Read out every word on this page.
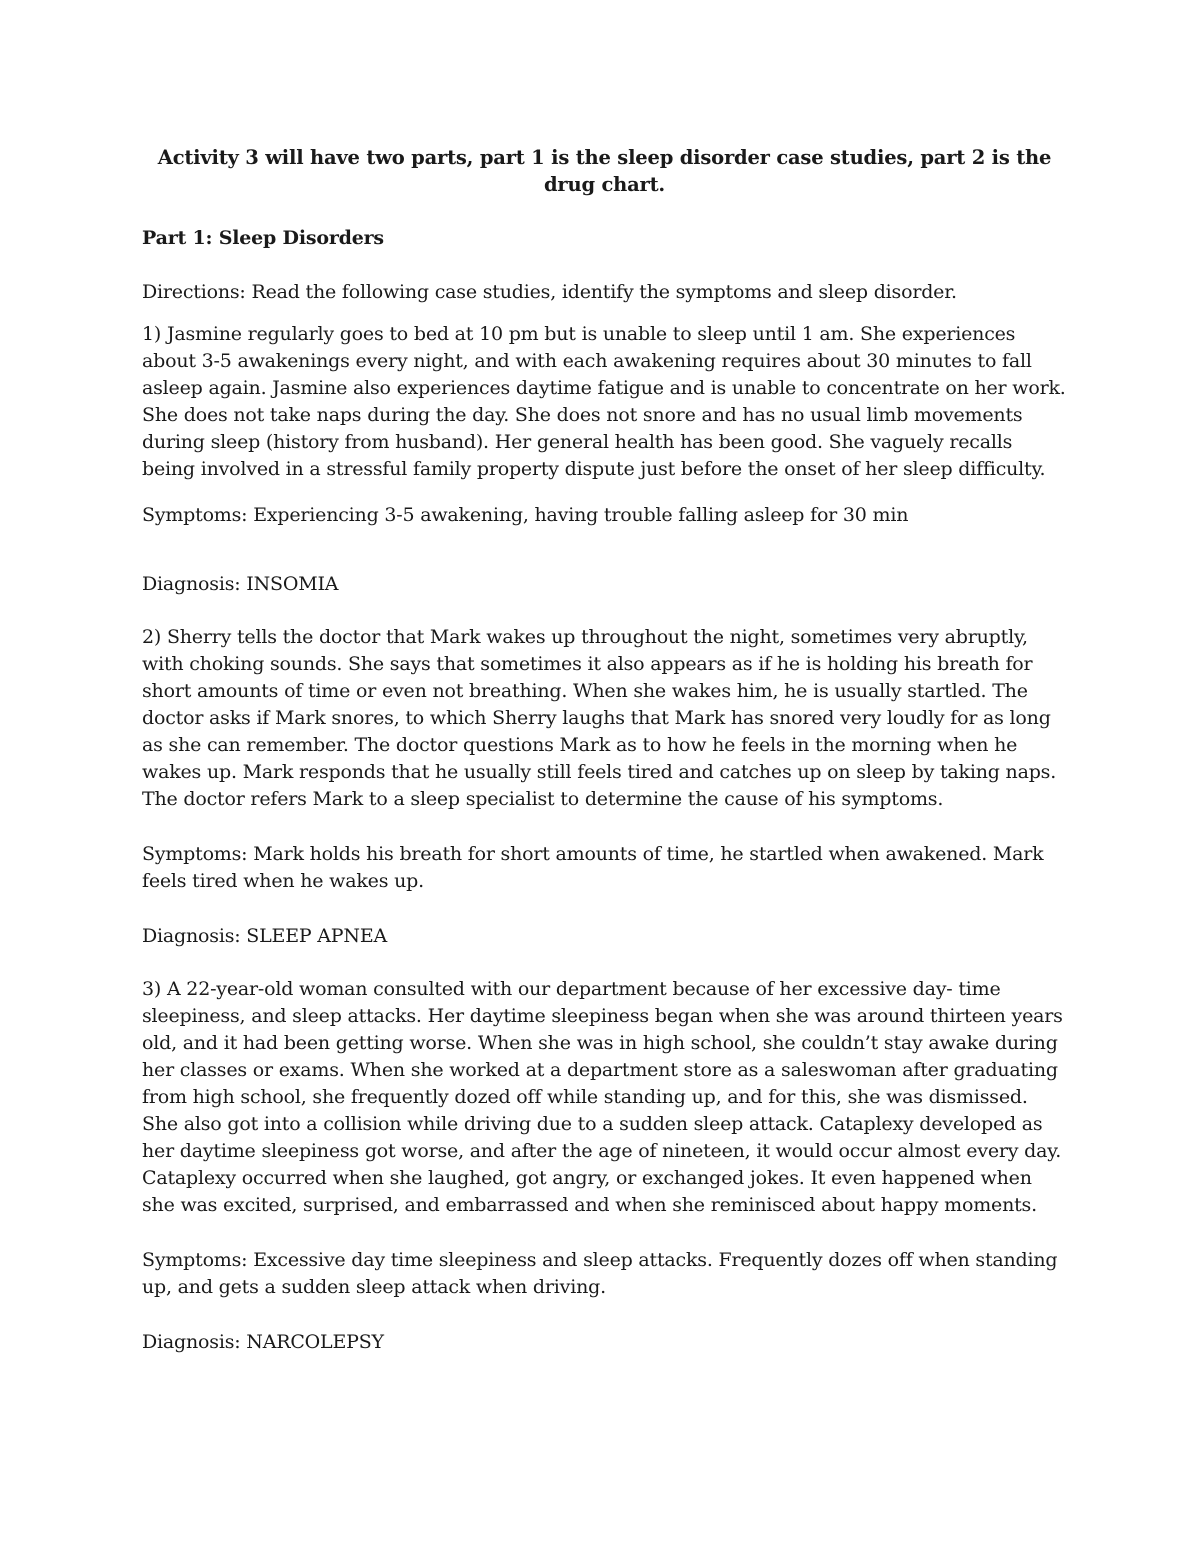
Activity 3 will have two parts, part 1 is the sleep disorder case studies, part 2 is the drug chart.

Part 1: Sleep Disorders

Directions: Read the following case studies, identify the symptoms and sleep disorder.

1) Jasmine regularly goes to bed at 10 pm but is unable to sleep until 1 am. She experiences about 3-5 awakenings every night, and with each awakening requires about 30 minutes to fall asleep again. Jasmine also experiences daytime fatigue and is unable to concentrate on her work. She does not take naps during the day. She does not snore and has no usual limb movements during sleep (history from husband). Her general health has been good. She vaguely recalls being involved in a stressful family property dispute just before the onset of her sleep difficulty.

Symptoms: Experiencing 3-5 awakening, having trouble falling asleep for 30 min

Diagnosis: INSOMIA

2) Sherry tells the doctor that Mark wakes up throughout the night, sometimes very abruptly, with choking sounds. She says that sometimes it also appears as if he is holding his breath for short amounts of time or even not breathing. When she wakes him, he is usually startled. The doctor asks if Mark snores, to which Sherry laughs that Mark has snored very loudly for as long as she can remember. The doctor questions Mark as to how he feels in the morning when he wakes up. Mark responds that he usually still feels tired and catches up on sleep by taking naps. The doctor refers Mark to a sleep specialist to determine the cause of his symptoms.

Symptoms: Mark holds his breath for short amounts of time, he startled when awakened. Mark feels tired when he wakes up.

Diagnosis: SLEEP APNEA

3) A 22-year-old woman consulted with our department because of her excessive day- time sleepiness, and sleep attacks. Her daytime sleepiness began when she was around thirteen years old, and it had been getting worse. When she was in high school, she couldn’t stay awake during her classes or exams. When she worked at a department store as a saleswoman after graduating from high school, she frequently dozed off while standing up, and for this, she was dismissed. She also got into a collision while driving due to a sudden sleep attack. Cataplexy developed as her daytime sleepiness got worse, and after the age of nineteen, it would occur almost every day. Cataplexy occurred when she laughed, got angry, or exchanged jokes. It even happened when she was excited, surprised, and embarrassed and when she reminisced about happy moments.

Symptoms: Excessive day time sleepiness and sleep attacks. Frequently dozes off when standing up, and gets a sudden sleep attack when driving.

Diagnosis: NARCOLEPSY
